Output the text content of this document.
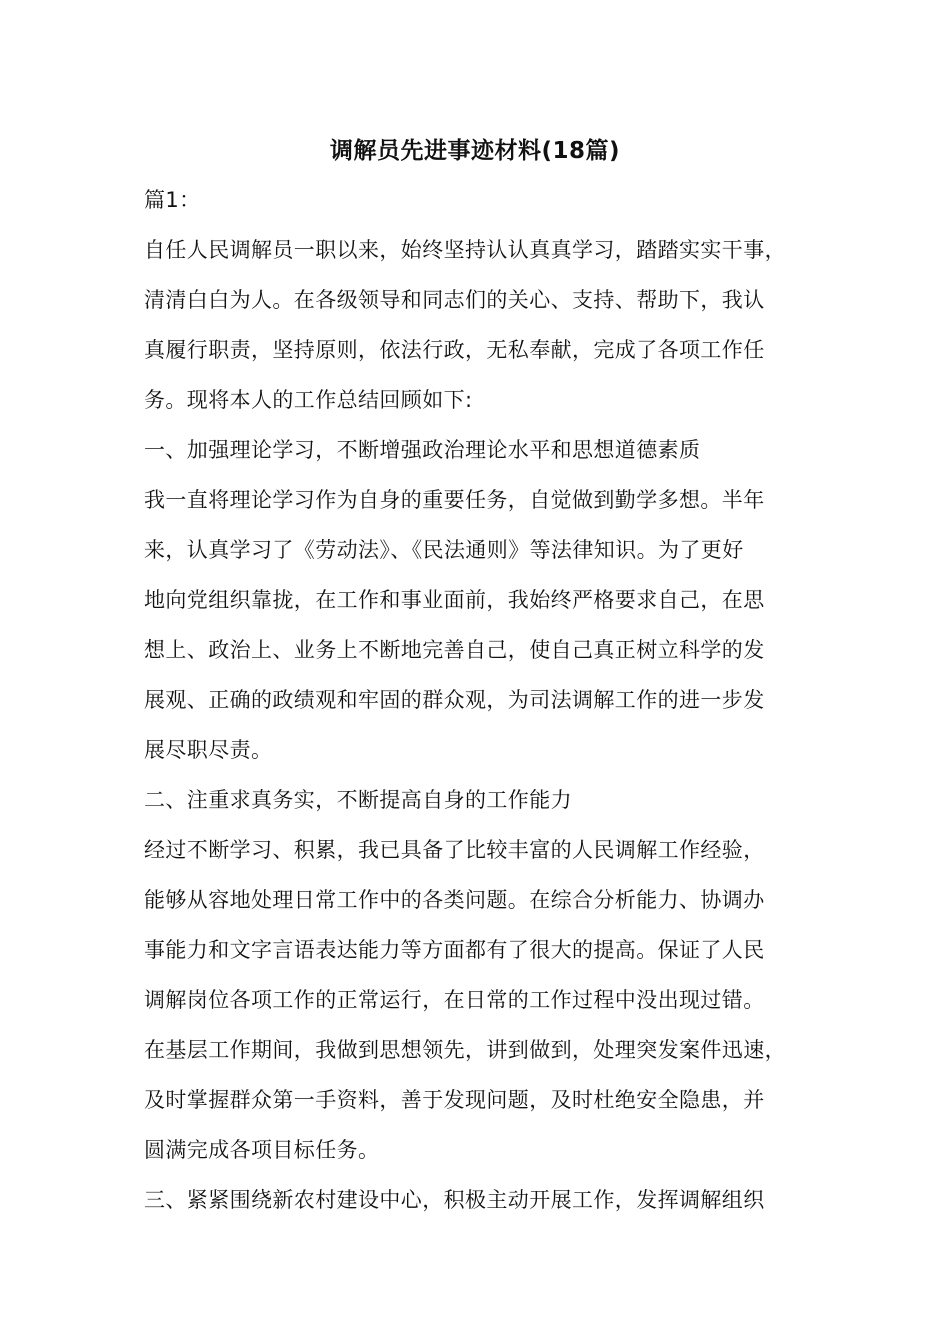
调解员先进事迹材料(18篇)
篇1：
自任人民调解员一职以来，始终坚持认认真真学习，踏踏实实干事，
清清白白为人。在各级领导和同志们的关心、支持、帮助下，我认
真履行职责，坚持原则，依法行政，无私奉献，完成了各项工作任
务。现将本人的工作总结回顾如下:
一、加强理论学习，不断增强政治理论水平和思想道德素质
我一直将理论学习作为自身的重要任务，自觉做到勤学多想。半年
来，认真学习了《劳动法》、《民法通则》等法律知识。为了更好
地向党组织靠拢，在工作和事业面前，我始终严格要求自己，在思
想上、政治上、业务上不断地完善自己，使自己真正树立科学的发
展观、正确的政绩观和牢固的群众观，为司法调解工作的进一步发
展尽职尽责。
二、注重求真务实，不断提高自身的工作能力
经过不断学习、积累，我已具备了比较丰富的人民调解工作经验，
能够从容地处理日常工作中的各类问题。在综合分析能力、协调办
事能力和文字言语表达能力等方面都有了很大的提高。保证了人民
调解岗位各项工作的正常运行，在日常的工作过程中没出现过错。
在基层工作期间，我做到思想领先，讲到做到，处理突发案件迅速，
及时掌握群众第一手资料，善于发现问题，及时杜绝安全隐患，并
圆满完成各项目标任务。
三、紧紧围绕新农村建设中心，积极主动开展工作，发挥调解组织
